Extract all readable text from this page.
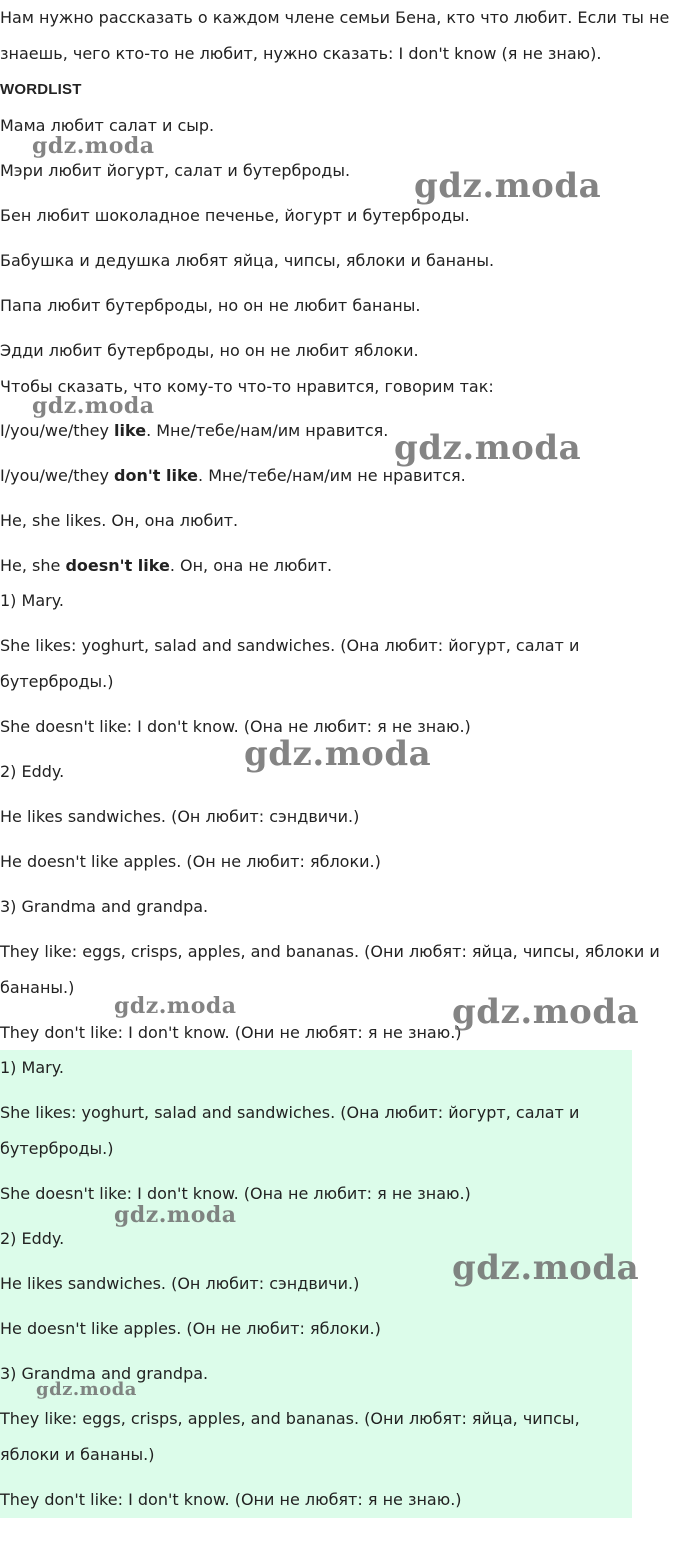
Нам нужно рассказать о каждом члене семьи Бена, кто что любит. Если ты не

знаешь, чего кто-то не любит, нужно сказать: I don't know (я не знаю).

WORDLIST

Мама любит салат и сыр.

Мэри любит йогурт, салат и бутерброды.

Бен любит шоколадное печенье, йогурт и бутерброды.

Бабушка и дедушка любят яйца, чипсы, яблоки и бананы.

Папа любит бутерброды, но он не любит бананы.

Эдди любит бутерброды, но он не любит яблоки.

Чтобы сказать, что кому-то что-то нравится, говорим так:

I/you/we/they like. Мне/тебе/нам/им нравится.

I/you/we/they don't like. Мне/тебе/нам/им не нравится.

He, she likes. Он, она любит.

He, she doesn't like. Он, она не любит.

1) Mary.

She likes: yoghurt, salad and sandwiches. (Она любит: йогурт, салат и

бутерброды.)

She doesn't like: I don't know. (Она не любит: я не знаю.)

2) Eddy.

He likes sandwiches. (Он любит: сэндвичи.)

He doesn't like apples. (Он не любит: яблоки.)

3) Grandma and grandpa.

They like: eggs, crisps, apples, and bananas. (Они любят: яйца, чипсы, яблоки и

бананы.)

They don't like: I don't know. (Они не любят: я не знаю.)

1) Mary.

She likes: yoghurt, salad and sandwiches. (Она любит: йогурт, салат и

бутерброды.)

She doesn't like: I don't know. (Она не любит: я не знаю.)

2) Eddy.

He likes sandwiches. (Он любит: сэндвичи.)

He doesn't like apples. (Он не любит: яблоки.)

3) Grandma and grandpa.

They like: eggs, crisps, apples, and bananas. (Они любят: яйца, чипсы,

яблоки и бананы.)

They don't like: I don't know. (Они не любят: я не знаю.)

gdz.moda
gdz.moda
gdz.moda
gdz.moda
gdz.moda
gdz.moda	gdz.moda
gdz.moda
gdz.moda
gdz.moda
